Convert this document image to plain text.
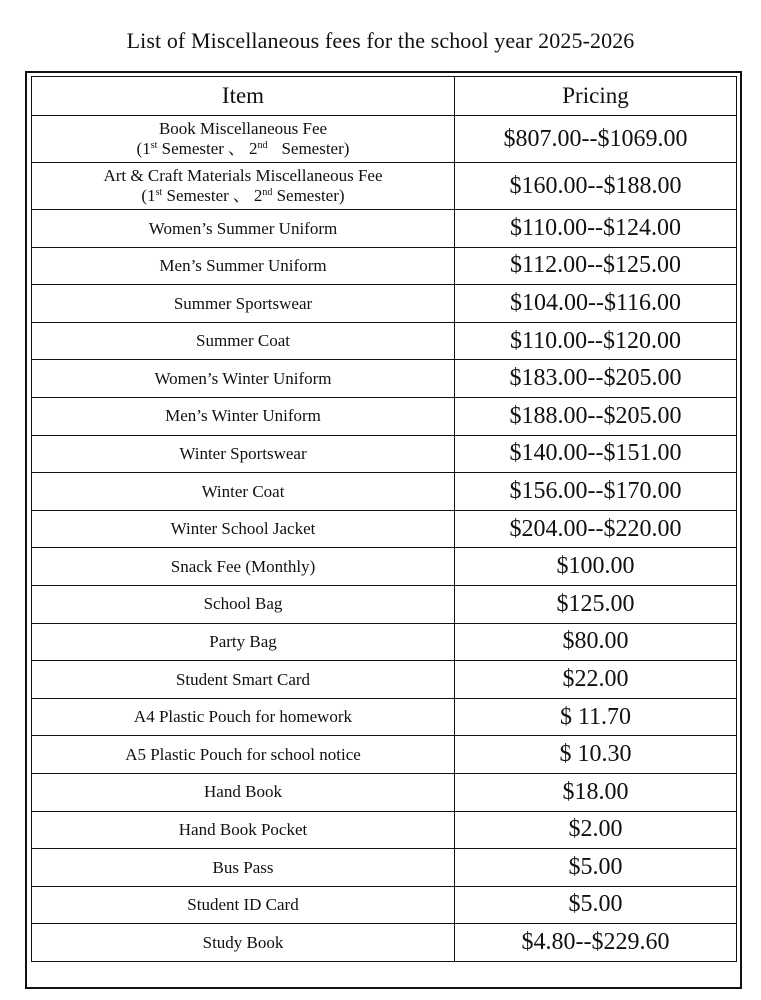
List of Miscellaneous fees for the school year 2025-2026
Item	Pricing
Book Miscellaneous Fee
(1st Semester 、 2nd Semester)	$807.00--$1069.00
Art & Craft Materials Miscellaneous Fee
(1st Semester 、 2nd Semester)	$160.00--$188.00
Women’s Summer Uniform	$110.00--$124.00
Men’s Summer Uniform	$112.00--$125.00
Summer Sportswear	$104.00--$116.00
Summer Coat	$110.00--$120.00
Women’s Winter Uniform	$183.00--$205.00
Men’s Winter Uniform	$188.00--$205.00
Winter Sportswear	$140.00--$151.00
Winter Coat	$156.00--$170.00
Winter School Jacket	$204.00--$220.00
Snack Fee (Monthly)	$100.00
School Bag	$125.00
Party Bag	$80.00
Student Smart Card	$22.00
A4 Plastic Pouch for homework	$ 11.70
A5 Plastic Pouch for school notice	$ 10.30
Hand Book	$18.00
Hand Book Pocket	$2.00
Bus Pass	$5.00
Student ID Card	$5.00
Study Book	$4.80--$229.60
